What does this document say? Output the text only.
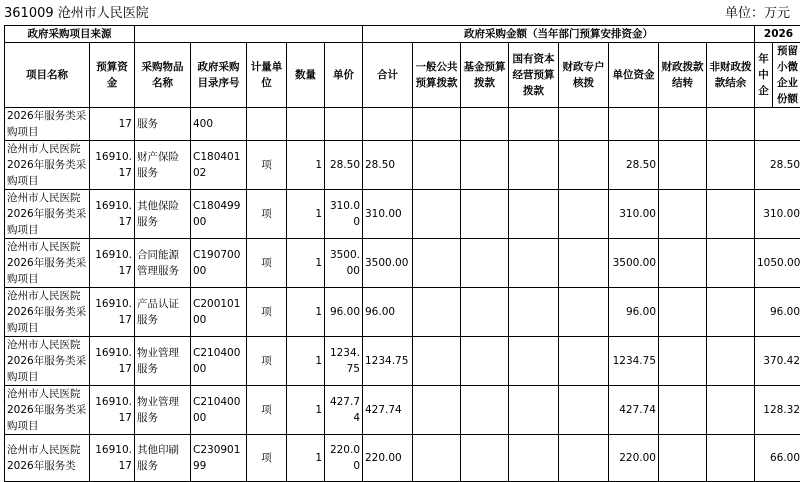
361009 沧州市人民医院	单位：万元
政府采购项目来源							政府采购金额（当年部门预算安排资金）								2026	
项目名称	预算资金	采购物品名称	政府采购目录序号	计量单位	数量	单价	合计	一般公共预算拨款	基金预算拨款	国有资本经营预算拨款	财政专户核拨	单位资金	财政拨款结转	非财政拨款结余	年中企	预留小微企业份额
2026年服务类采购项目	17	服务	400													
沧州市人民医院2026年服务类采购项目	16910.17	财产保险服务	C18040102	项	1	28.50	28.50					28.50			28.50	
沧州市人民医院2026年服务类采购项目	16910.17	其他保险服务	C18049900	项	1	310.00	310.00					310.00			310.00	
沧州市人民医院2026年服务类采购项目	16910.17	合同能源管理服务	C19070000	项	1	3500.00	3500.00					3500.00			1050.00	
沧州市人民医院2026年服务类采购项目	16910.17	产品认证服务	C20010100	项	1	96.00	96.00					96.00			96.00	
沧州市人民医院2026年服务类采购项目	16910.17	物业管理服务	C21040000	项	1	1234.75	1234.75					1234.75			370.42	
沧州市人民医院2026年服务类采购项目	16910.17	物业管理服务	C21040000	项	1	427.74	427.74					427.74			128.32	
沧州市人民医院2026年服务类	16910.17	其他印刷服务	C23090199	项	1	220.00	220.00					220.00			66.00	
